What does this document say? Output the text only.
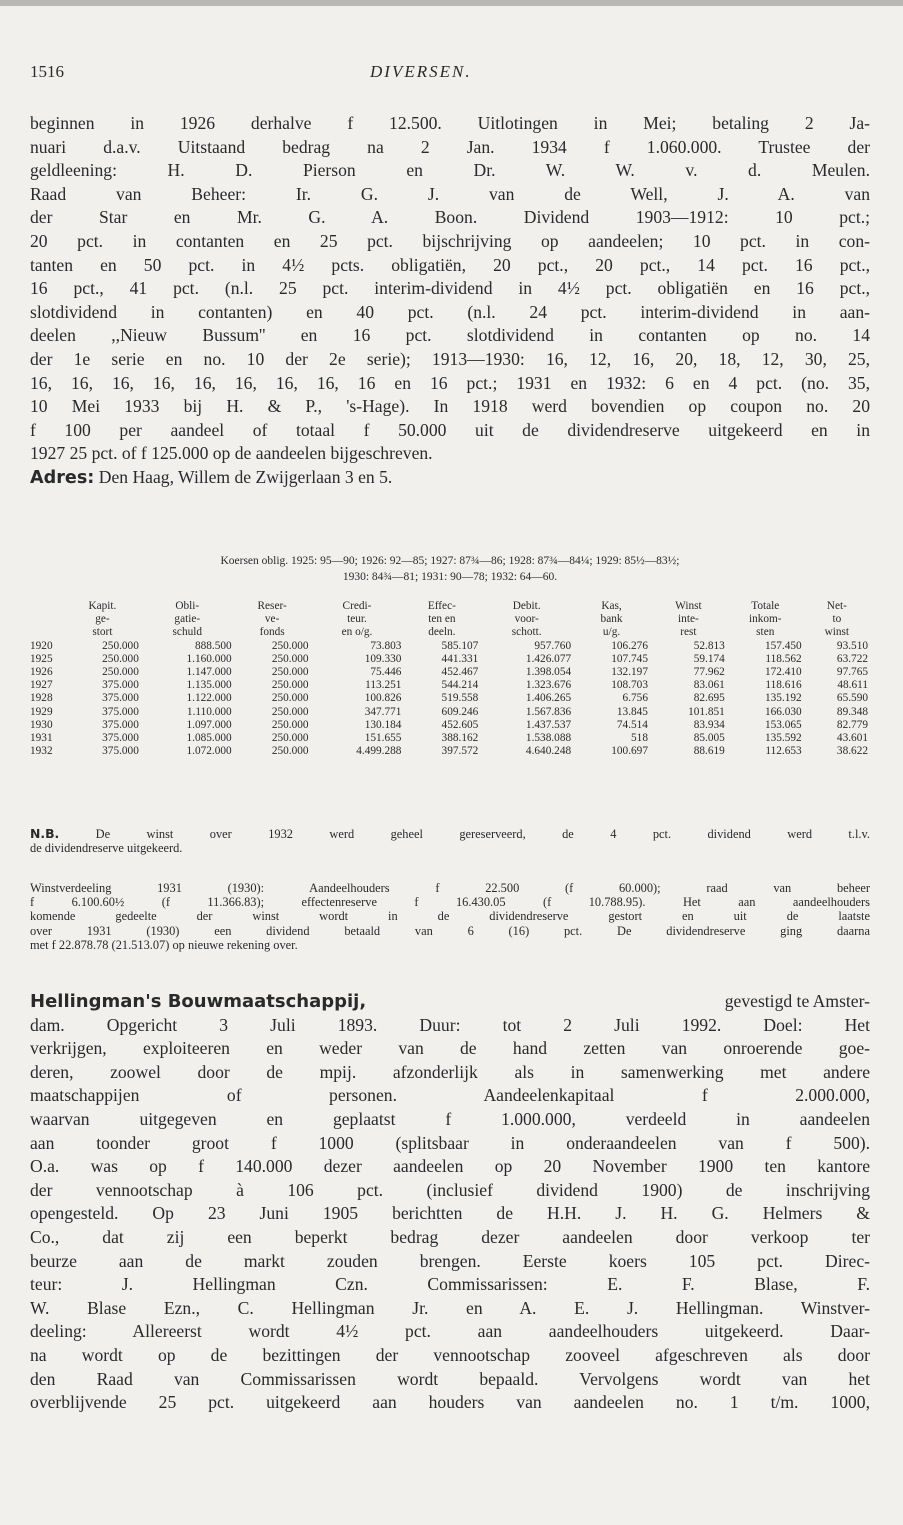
1516	DIVERSEN.
beginnen in 1926 derhalve f 12.500. Uitlotingen in Mei; betaling 2 Ja-
nuari d.a.v. Uitstaand bedrag na 2 Jan. 1934 f 1.060.000. Trustee der
geldleening: H. D. Pierson en Dr. W. W. v. d. Meulen.
Raad van Beheer: Ir. G. J. van de Well, J. A. van
der Star en Mr. G. A. Boon. Dividend 1903—1912: 10 pct.;
20 pct. in contanten en 25 pct. bijschrijving op aandeelen; 10 pct. in con-
tanten en 50 pct. in 4½ pcts. obligatiën, 20 pct., 20 pct., 14 pct. 16 pct.,
16 pct., 41 pct. (n.l. 25 pct. interim-dividend in 4½ pct. obligatiën en 16 pct.,
slotdividend in contanten) en 40 pct. (n.l. 24 pct. interim-dividend in aan-
deelen ,,Nieuw Bussum'' en 16 pct. slotdividend in contanten op no. 14
der 1e serie en no. 10 der 2e serie); 1913—1930: 16, 12, 16, 20, 18, 12, 30, 25,
16, 16, 16, 16, 16, 16, 16, 16, 16 en 16 pct.; 1931 en 1932: 6 en 4 pct. (no. 35,
10 Mei 1933 bij H. & P., 's-Hage). In 1918 werd bovendien op coupon no. 20
f 100 per aandeel of totaal f 50.000 uit de dividendreserve uitgekeerd en in
1927 25 pct. of f 125.000 op de aandeelen bijgeschreven.
Adres: Den Haag, Willem de Zwijgerlaan 3 en 5.
Koersen oblig. 1925: 95—90; 1926: 92—85; 1927: 87¾—86; 1928: 87¾—84¼; 1929: 85½—83½;
1930: 84¾—81; 1931: 90—78; 1932: 64—60.
	Kapit.	Obli-	Reser-	Credi-	Effec-	Debit.	Kas,	Winst	Totale	Net-
	ge-	gatie-	ve-	teur.	ten en	voor-	bank	inte-	inkom-	to
	stort	schuld	fonds	en o/g.	deeln.	schott.	u/g.	rest	sten	winst
1920	250.000	888.500	250.000	73.803	585.107	957.760	106.276	52.813	157.450	93.510
1925	250.000	1.160.000	250.000	109.330	441.331	1.426.077	107.745	59.174	118.562	63.722
1926	250.000	1.147.000	250.000	75.446	452.467	1.398.054	132.197	77.962	172.410	97.765
1927	375.000	1.135.000	250.000	113.251	544.214	1.323.676	108.703	83.061	118.616	48.611
1928	375.000	1.122.000	250.000	100.826	519.558	1.406.265	6.756	82.695	135.192	65.590
1929	375.000	1.110.000	250.000	347.771	609.246	1.567.836	13.845	101.851	166.030	89.348
1930	375.000	1.097.000	250.000	130.184	452.605	1.437.537	74.514	83.934	153.065	82.779
1931	375.000	1.085.000	250.000	151.655	388.162	1.538.088	518	85.005	135.592	43.601
1932	375.000	1.072.000	250.000	4.499.288	397.572	4.640.248	100.697	88.619	112.653	38.622
N.B.	De winst over 1932 werd geheel gereserveerd, de 4 pct. dividend werd t.l.v.
de dividendreserve uitgekeerd.
Winstverdeeling 1931 (1930): Aandeelhouders f 22.500 (f 60.000); raad van beheer
f 6.100.60½ (f 11.366.83); effectenreserve f 16.430.05 (f 10.788.95). Het aan aandeelhouders
komende gedeelte der winst wordt in de dividendreserve gestort en uit de laatste
over 1931 (1930) een dividend betaald van 6 (16) pct. De dividendreserve ging daarna
met f 22.878.78 (21.513.07) op nieuwe rekening over.
Hellingman's Bouwmaatschappij,	gevestigd te Amster-
dam. Opgericht 3 Juli 1893. Duur: tot 2 Juli 1992. Doel: Het
verkrijgen, exploiteeren en weder van de hand zetten van onroerende goe-
deren, zoowel door de mpij. afzonderlijk als in samenwerking met andere
maatschappijen of personen. Aandeelenkapitaal f 2.000.000,
waarvan uitgegeven en geplaatst f 1.000.000, verdeeld in aandeelen
aan toonder groot f 1000 (splitsbaar in onderaandeelen van f 500).
O.a. was op f 140.000 dezer aandeelen op 20 November 1900 ten kantore
der vennootschap à 106 pct. (inclusief dividend 1900) de inschrijving
opengesteld. Op 23 Juni 1905 berichtten de H.H. J. H. G. Helmers &
Co., dat zij een beperkt bedrag dezer aandeelen door verkoop ter
beurze aan de markt zouden brengen. Eerste koers 105 pct. Direc-
teur: J. Hellingman Czn. Commissarissen: E. F. Blase, F.
W. Blase Ezn., C. Hellingman Jr. en A. E. J. Hellingman. Winstver-
deeling: Allereerst wordt 4½ pct. aan aandeelhouders uitgekeerd. Daar-
na wordt op de bezittingen der vennootschap zooveel afgeschreven als door
den Raad van Commissarissen wordt bepaald. Vervolgens wordt van het
overblijvende 25 pct. uitgekeerd aan houders van aandeelen no. 1 t/m. 1000,
